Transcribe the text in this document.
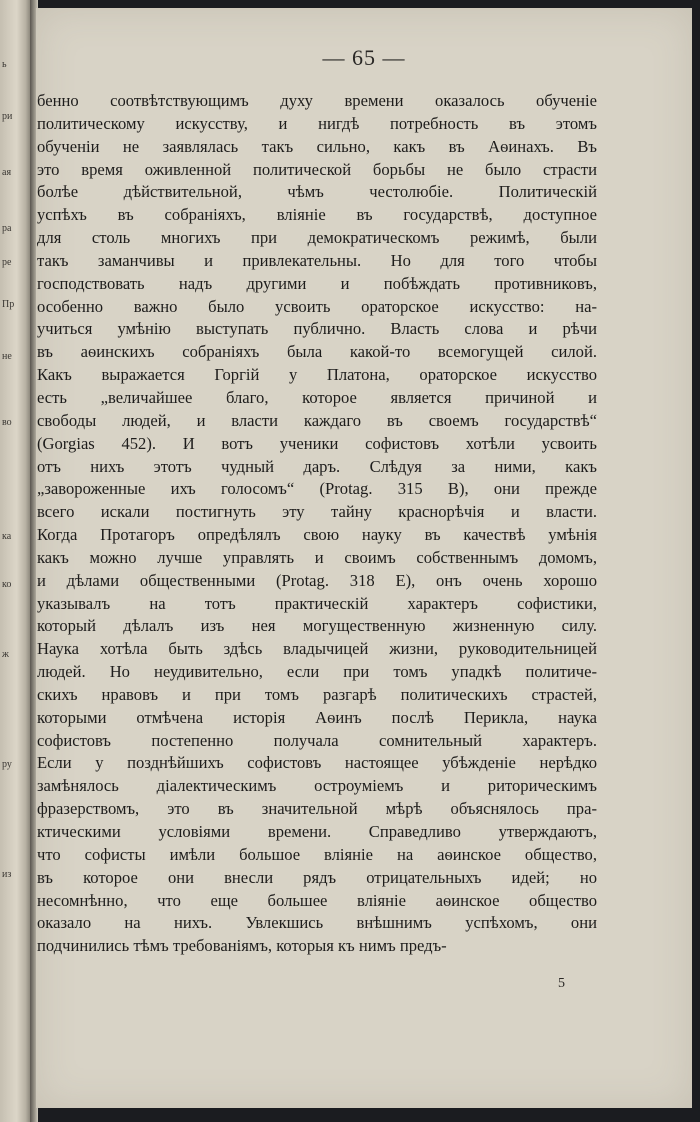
ь
ри
ая
ра
ре
Пр
не
во
ка
ко
ж
ру
из
— 65 —
бенно соотвѣтствующимъ духу времени оказалось обученіе
политическому искусству, и нигдѣ потребность въ этомъ
обученіи не заявлялась такъ сильно, какъ въ Аѳинахъ. Въ
это время оживленной политической борьбы не было страсти
болѣе дѣйствительной, чѣмъ честолюбіе. Политическій
успѣхъ въ собраніяхъ, вліяніе въ государствѣ, доступное
для столь многихъ при демократическомъ режимѣ, были
такъ заманчивы и привлекательны. Но для того чтобы
господствовать надъ другими и побѣждать противниковъ,
особенно важно было усвоить ораторское искусство: на-
учиться умѣнію выступать публично. Власть слова и рѣчи
въ аѳинскихъ собраніяхъ была какой-то всемогущей силой.
Какъ выражается Горгій у Платона, ораторское искусство
есть „величайшее благо, которое является причиной и
свободы людей, и власти каждаго въ своемъ государствѣ“
(Gorgias 452). И вотъ ученики софистовъ хотѣли усвоить
отъ нихъ этотъ чудный даръ. Слѣдуя за ними, какъ
„завороженные ихъ голосомъ“ (Protag. 315 B), они прежде
всего искали постигнуть эту тайну краснорѣчія и власти.
Когда Протагоръ опредѣлялъ свою науку въ качествѣ умѣнія
какъ можно лучше управлять и своимъ собственнымъ домомъ,
и дѣлами общественными (Protag. 318 E), онъ очень хорошо
указывалъ на тотъ практическій характеръ софистики,
который дѣлалъ изъ нея могущественную жизненную силу.
Наука хотѣла быть здѣсь владычицей жизни, руководительницей
людей. Но неудивительно, если при томъ упадкѣ политиче-
скихъ нравовъ и при томъ разгарѣ политическихъ страстей,
которыми отмѣчена исторія Аѳинъ послѣ Перикла, наука
софистовъ постепенно получала сомнительный характеръ.
Если у позднѣйшихъ софистовъ настоящее убѣжденіе нерѣдко
замѣнялось діалектическимъ остроуміемъ и риторическимъ
фразерствомъ, это въ значительной мѣрѣ объяснялось пра-
ктическими условіями времени. Справедливо утверждаютъ,
что софисты имѣли большое вліяніе на аѳинское общество,
въ которое они внесли рядъ отрицательныхъ идей; но
несомнѣнно, что еще большее вліяніе аѳинское общество
оказало на нихъ. Увлекшись внѣшнимъ успѣхомъ, они
подчинились тѣмъ требованіямъ, которыя къ нимъ предъ-
5
